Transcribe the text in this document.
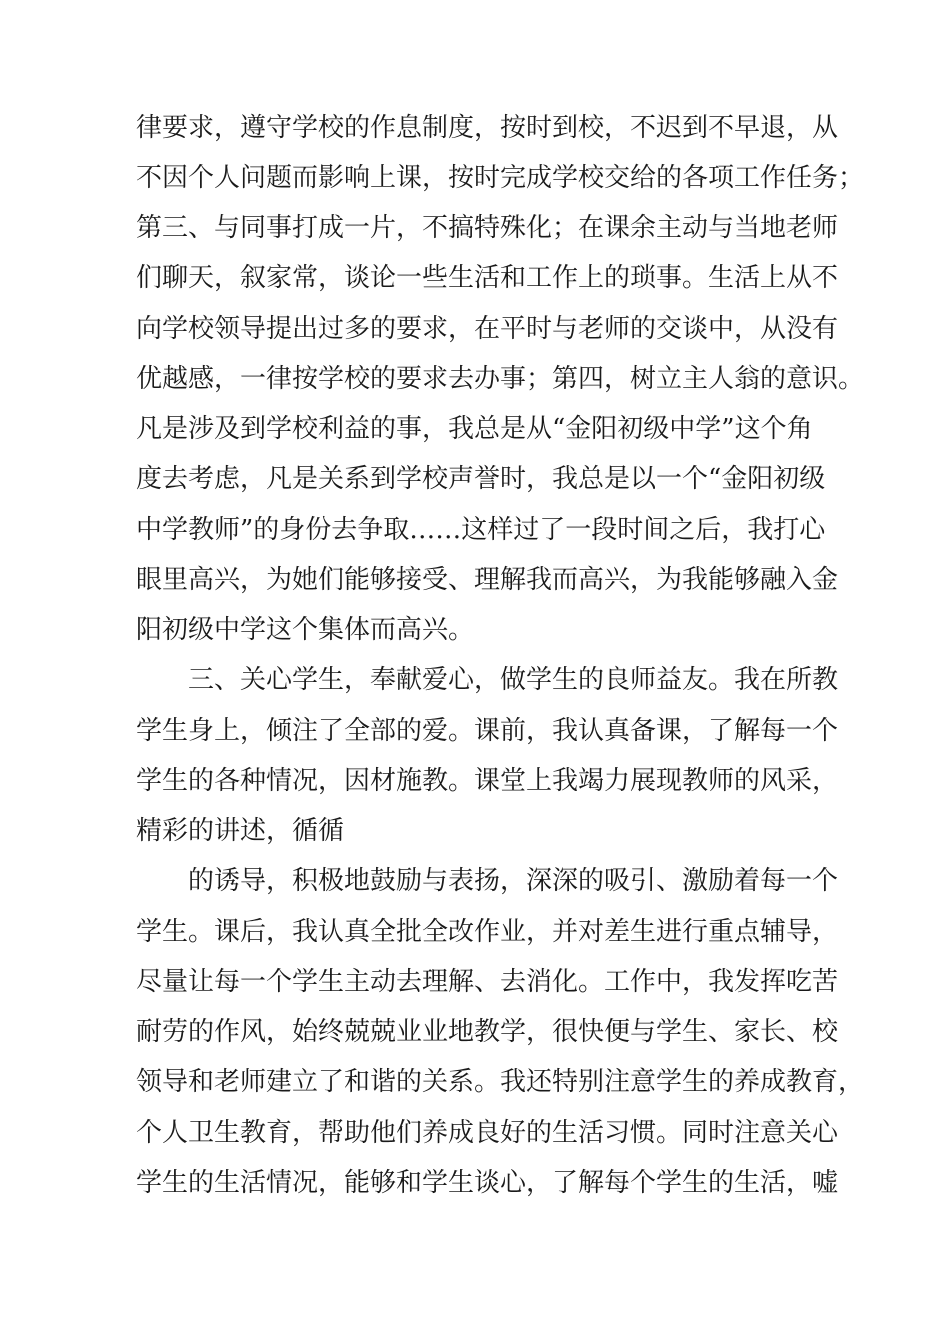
律要求，遵守学校的作息制度，按时到校，不迟到不早退，从

不因个人问题而影响上课，按时完成学校交给的各项工作任务；

第三、与同事打成一片，不搞特殊化；在课余主动与当地老师

们聊天，叙家常，谈论一些生活和工作上的琐事。生活上从不

向学校领导提出过多的要求，在平时与老师的交谈中，从没有

优越感，一律按学校的要求去办事；第四，树立主人翁的意识。

凡是涉及到学校利益的事，我总是从“金阳初级中学”这个角

度去考虑，凡是关系到学校声誉时，我总是以一个“金阳初级

中学教师”的身份去争取……这样过了一段时间之后，我打心

眼里高兴，为她们能够接受、理解我而高兴，为我能够融入金

阳初级中学这个集体而高兴。

三、关心学生，奉献爱心，做学生的良师益友。我在所教

学生身上，倾注了全部的爱。课前，我认真备课，了解每一个

学生的各种情况，因材施教。课堂上我竭力展现教师的风采，

精彩的讲述，循循

的诱导，积极地鼓励与表扬，深深的吸引、激励着每一个

学生。课后，我认真全批全改作业，并对差生进行重点辅导，

尽量让每一个学生主动去理解、去消化。工作中，我发挥吃苦

耐劳的作风，始终兢兢业业地教学，很快便与学生、家长、校

领导和老师建立了和谐的关系。我还特别注意学生的养成教育，

个人卫生教育，帮助他们养成良好的生活习惯。同时注意关心

学生的生活情况，能够和学生谈心，了解每个学生的生活，嘘
